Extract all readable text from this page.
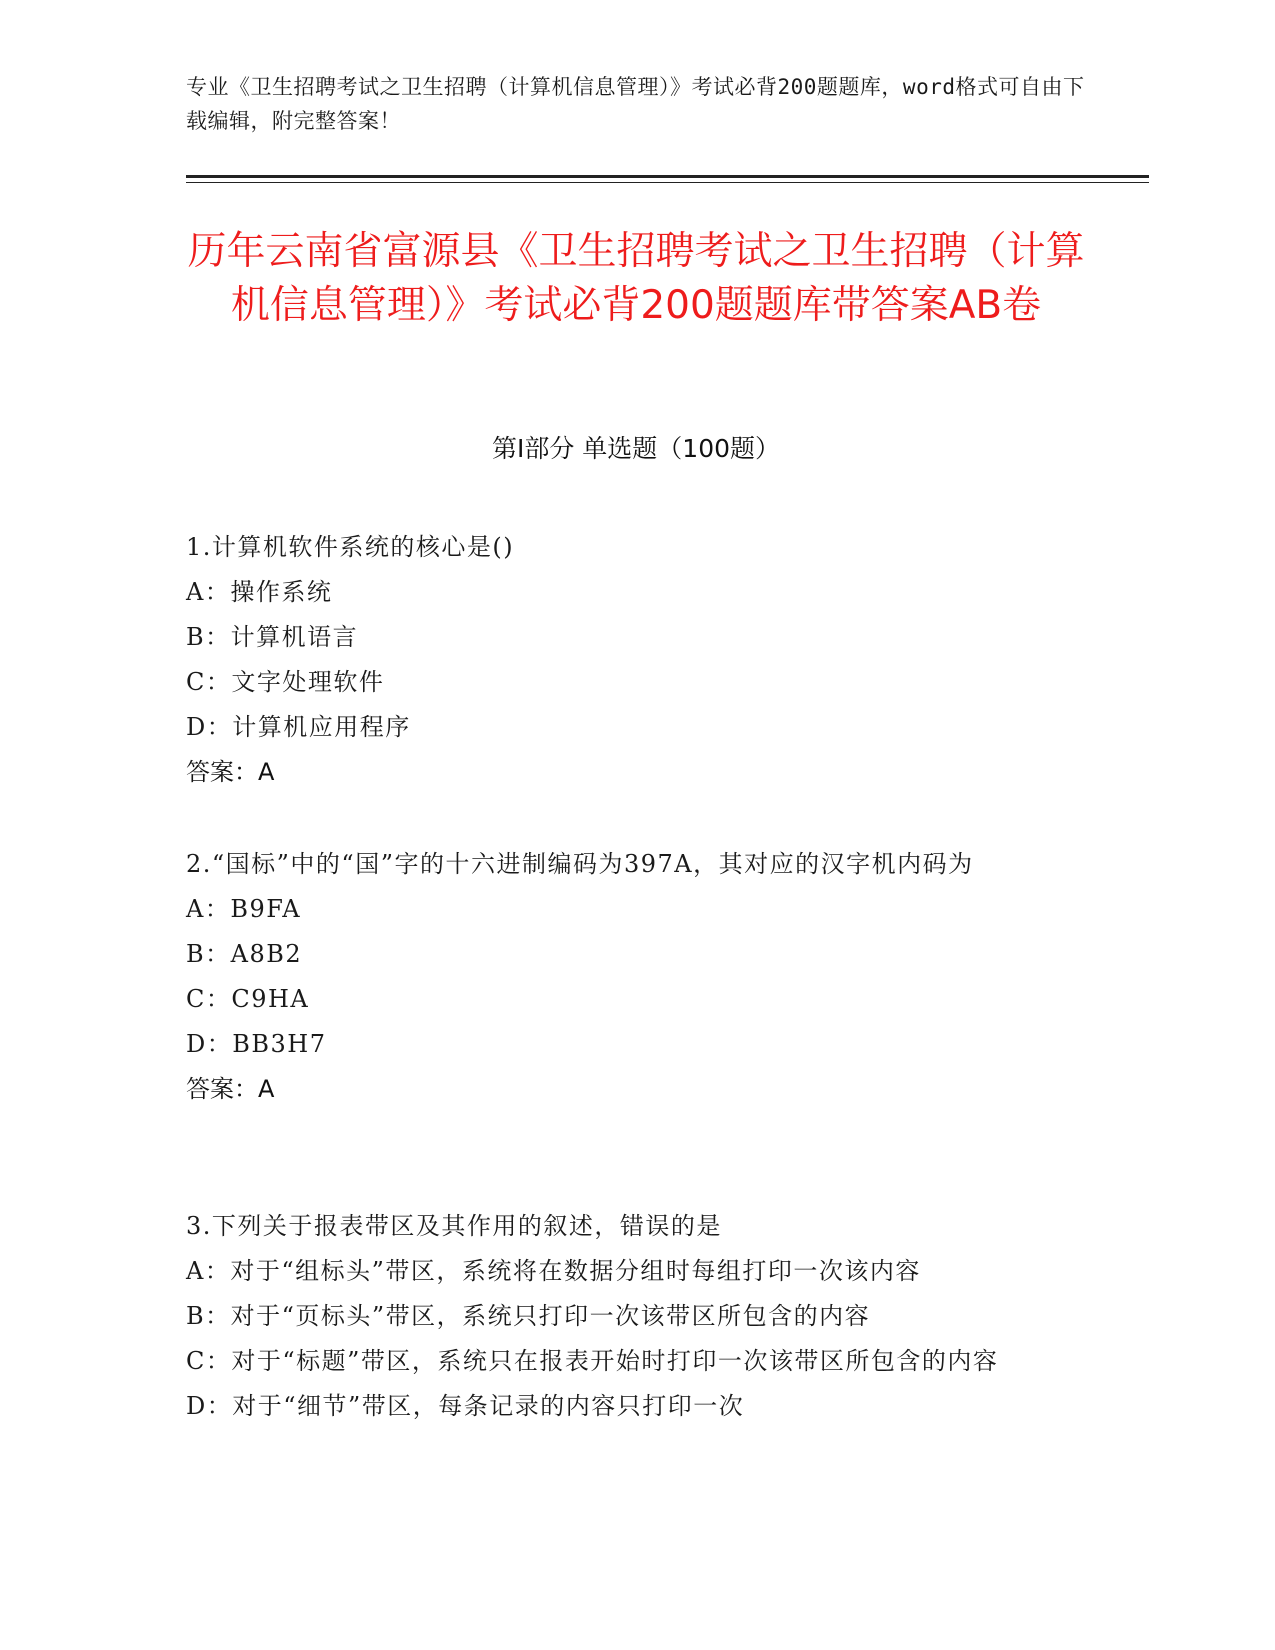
专业《卫生招聘考试之卫生招聘（计算机信息管理）》考试必背200题题库，word格式可自由下载编辑，附完整答案！
历年云南省富源县《卫生招聘考试之卫生招聘（计算机信息管理）》考试必背200题题库带答案AB卷
第Ⅰ部分 单选题（100题）

1.计算机软件系统的核心是()

A：操作系统

B：计算机语言

C：文字处理软件

D：计算机应用程序

答案：A

2.“国标”中的“国”字的十六进制编码为397A，其对应的汉字机内码为

A：B9FA

B：A8B2

C：C9HA

D：BB3H7

答案：A

3.下列关于报表带区及其作用的叙述，错误的是

A：对于“组标头”带区，系统将在数据分组时每组打印一次该内容

B：对于“页标头”带区，系统只打印一次该带区所包含的内容

C：对于“标题”带区，系统只在报表开始时打印一次该带区所包含的内容

D：对于“细节”带区，每条记录的内容只打印一次
